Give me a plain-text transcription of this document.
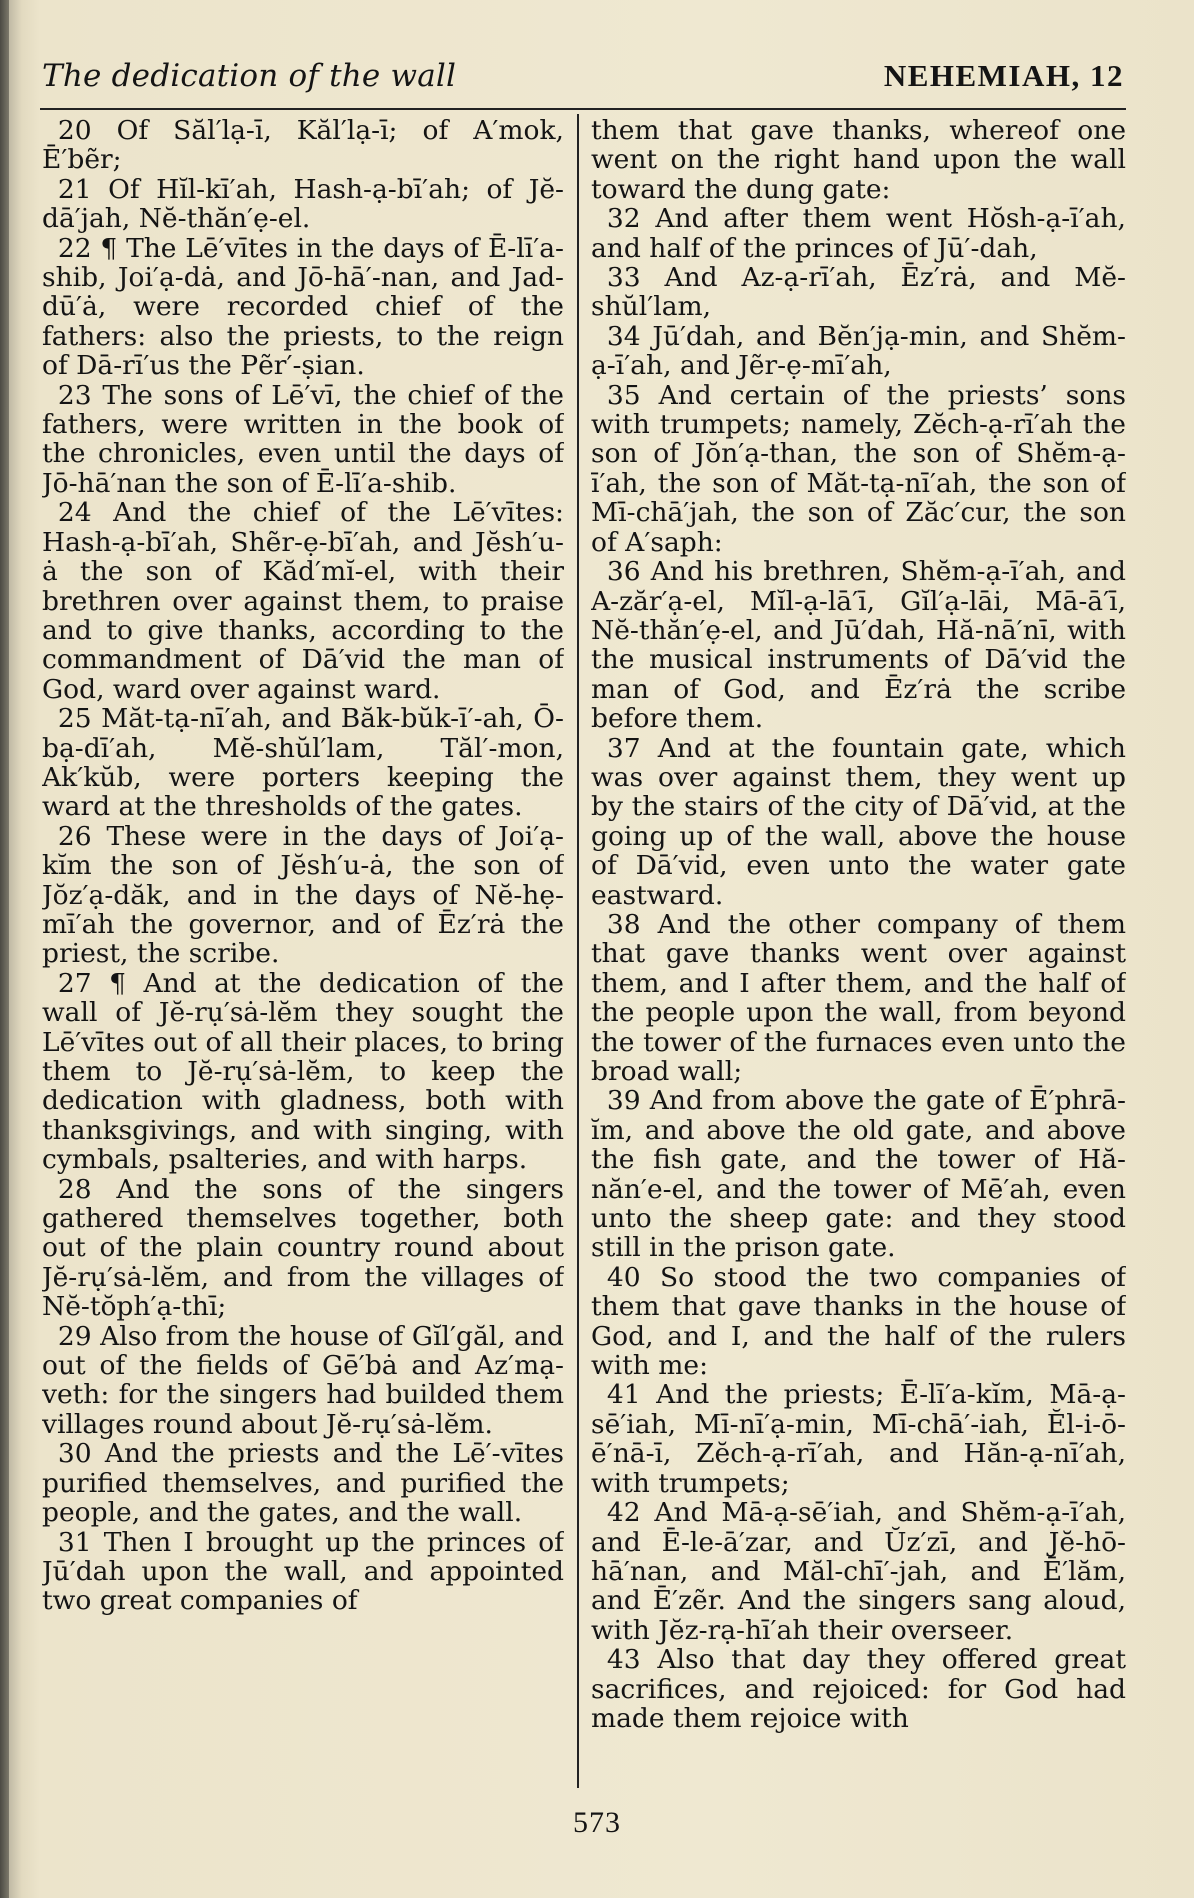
The dedication of the wall	NEHEMIAH, 12

20 Of Săl′lạ-ī, Kăl′lạ-ī; of A′mok, Ē′bẽr;

21 Of Hĭl-kī′ah, Hash-ạ-bī′ah; of Jĕ-dā′jah, Nĕ-thăn′ẹ-el.

22 ¶ The Lē′vītes in the days of Ē-lī′a-shib, Joi′ạ-dȧ, and Jō-hā′-nan, and Jad-dū′ȧ, were recorded chief of the fathers: also the priests, to the reign of Dā-rī′us the Pẽr′-ṣian.

23 The sons of Lē′vī, the chief of the fathers, were written in the book of the chronicles, even until the days of Jō-hā′nan the son of Ē-lī′a-shib.

24 And the chief of the Lē′vītes: Hash-ạ-bī′ah, Shẽr-ẹ-bī′ah, and Jĕsh′u-ȧ the son of Kăd′mĭ-el, with their brethren over against them, to praise and to give thanks, according to the commandment of Dā′vid the man of God, ward over against ward.

25 Măt-tạ-nī′ah, and Băk-bŭk-ī′-ah, Ō-bạ-dī′ah, Mĕ-shŭl′lam, Tăl′-mon, Ak′kŭb, were porters keeping the ward at the thresholds of the gates.

26 These were in the days of Joi′ạ-kĭm the son of Jĕsh′u-ȧ, the son of Jŏz′ạ-dăk, and in the days of Nĕ-hẹ-mī′ah the governor, and of Ēz′rȧ the priest, the scribe.

27 ¶ And at the dedication of the wall of Jĕ-rụ′sȧ-lĕm they sought the Lē′vītes out of all their places, to bring them to Jĕ-rụ′sȧ-lĕm, to keep the dedication with gladness, both with thanksgivings, and with singing, with cymbals, psalteries, and with harps.

28 And the sons of the singers gathered themselves together, both out of the plain country round about Jĕ-rụ′sȧ-lĕm, and from the villages of Nĕ-tŏph′ạ-thī;

29 Also from the house of Gĭl′găl, and out of the fields of Gē′bȧ and Az′mạ-veth: for the singers had builded them villages round about Jĕ-rụ′sȧ-lĕm.

30 And the priests and the Lē′-vītes purified themselves, and purified the people, and the gates, and the wall.

31 Then I brought up the princes of Jū′dah upon the wall, and appointed two great companies of

them that gave thanks, whereof one went on the right hand upon the wall toward the dung gate:

32 And after them went Hŏsh-ạ-ī′ah, and half of the princes of Jū′-dah,

33 And Az-ạ-rī′ah, Ēz′rȧ, and Mĕ-shŭl′lam,

34 Jū′dah, and Bĕn′jạ-min, and Shĕm-ạ-ī′ah, and Jẽr-ẹ-mī′ah,

35 And certain of the priests’ sons with trumpets; namely, Zĕch-ạ-rī′ah the son of Jŏn′ạ-than, the son of Shĕm-ạ-ī′ah, the son of Măt-tạ-nī′ah, the son of Mī-chā′jah, the son of Zăc′cur, the son of A′saph:

36 And his brethren, Shĕm-ạ-ī′ah, and A-zăr′ạ-el, Mĭl-ạ-lā′ī, Gĭl′ạ-lāi, Mā-ā′ī, Nĕ-thăn′ẹ-el, and Jū′dah, Hă-nā′nī, with the musical instruments of Dā′vid the man of God, and Ēz′rȧ the scribe before them.

37 And at the fountain gate, which was over against them, they went up by the stairs of the city of Dā′vid, at the going up of the wall, above the house of Dā′vid, even unto the water gate eastward.

38 And the other company of them that gave thanks went over against them, and I after them, and the half of the people upon the wall, from beyond the tower of the furnaces even unto the broad wall;

39 And from above the gate of Ē′phrā-ĭm, and above the old gate, and above the fish gate, and the tower of Hă-năn′e-el, and the tower of Mē′ah, even unto the sheep gate: and they stood still in the prison gate.

40 So stood the two companies of them that gave thanks in the house of God, and I, and the half of the rulers with me:

41 And the priests; Ē-lī′a-kĭm, Mā-ạ-sē′iah, Mī-nī′ạ-min, Mī-chā′-iah, Ĕl-i-ō-ē′nā-ī, Zĕch-ạ-rī′ah, and Hăn-ạ-nī′ah, with trumpets;

42 And Mā-ạ-sē′iah, and Shĕm-ạ-ī′ah, and Ē-le-ā′zar, and Ŭz′zī, and Jĕ-hō-hā′nan, and Măl-chī′-jah, and Ē′lăm, and Ē′zẽr. And the singers sang aloud, with Jĕz-rạ-hī′ah their overseer.

43 Also that day they offered great sacrifices, and rejoiced: for God had made them rejoice with

573
